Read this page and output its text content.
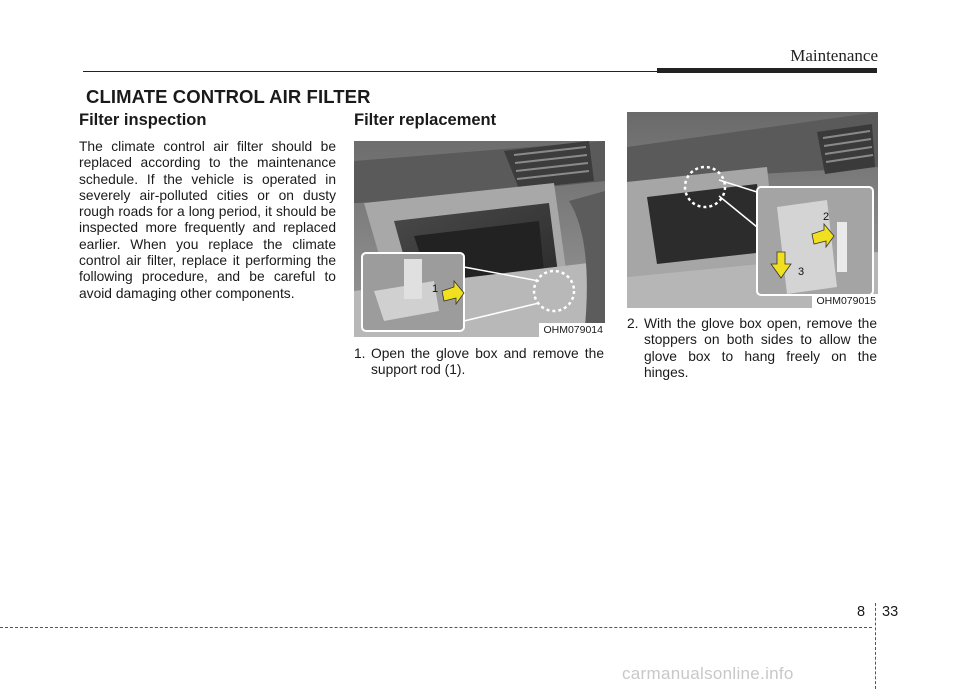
Maintenance
CLIMATE CONTROL AIR FILTER
Filter inspection
The climate control air filter should be replaced according to the maintenance schedule. If the vehicle is operated in severely air-polluted cities or on dusty rough roads for a long period, it should be inspected more frequently and replaced earlier. When you replace the climate control air filter, replace it performing the following procedure, and be careful to avoid damaging other components.
Filter replacement
1
OHM079014
1. Open the glove box and remove the support rod (1).
2
3
OHM079015
2. With the glove box open, remove the stoppers on both sides to allow the glove box to hang freely on the hinges.
8 33
carmanualsonline.info
